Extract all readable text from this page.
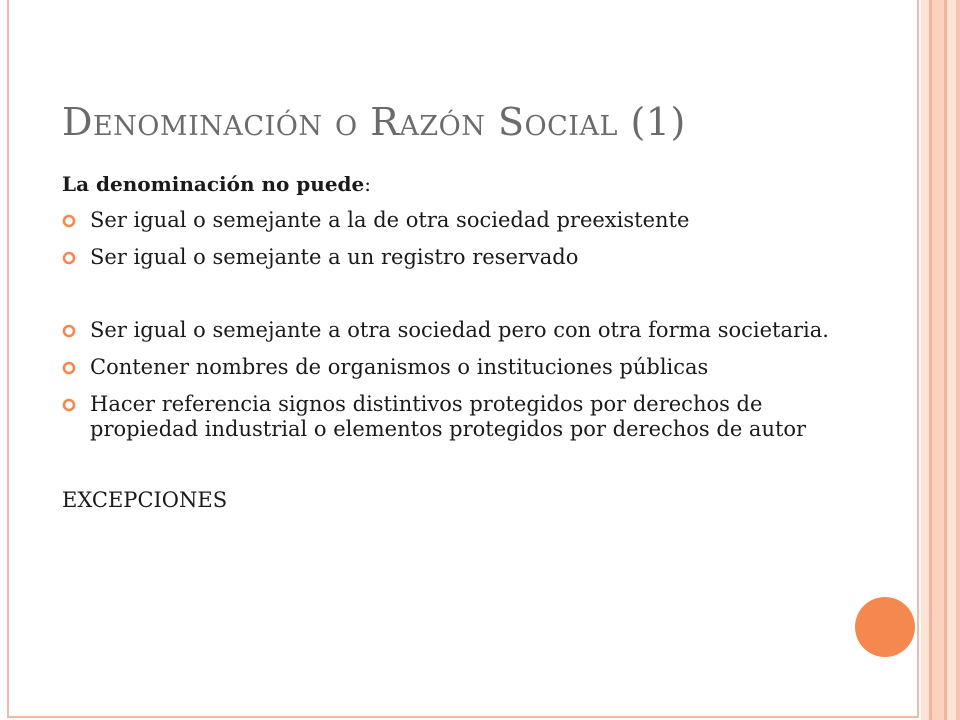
Denominación o Razón Social (1)

La denominación no puede:

Ser igual o semejante a la de otra sociedad preexistente
Ser igual o semejante a un registro reservado
Ser igual o semejante a otra sociedad pero con otra forma societaria.
Contener nombres de organismos o instituciones públicas
Hacer referencia signos distintivos protegidos por derechos de propiedad industrial o elementos protegidos por derechos de autor
EXCEPCIONES
